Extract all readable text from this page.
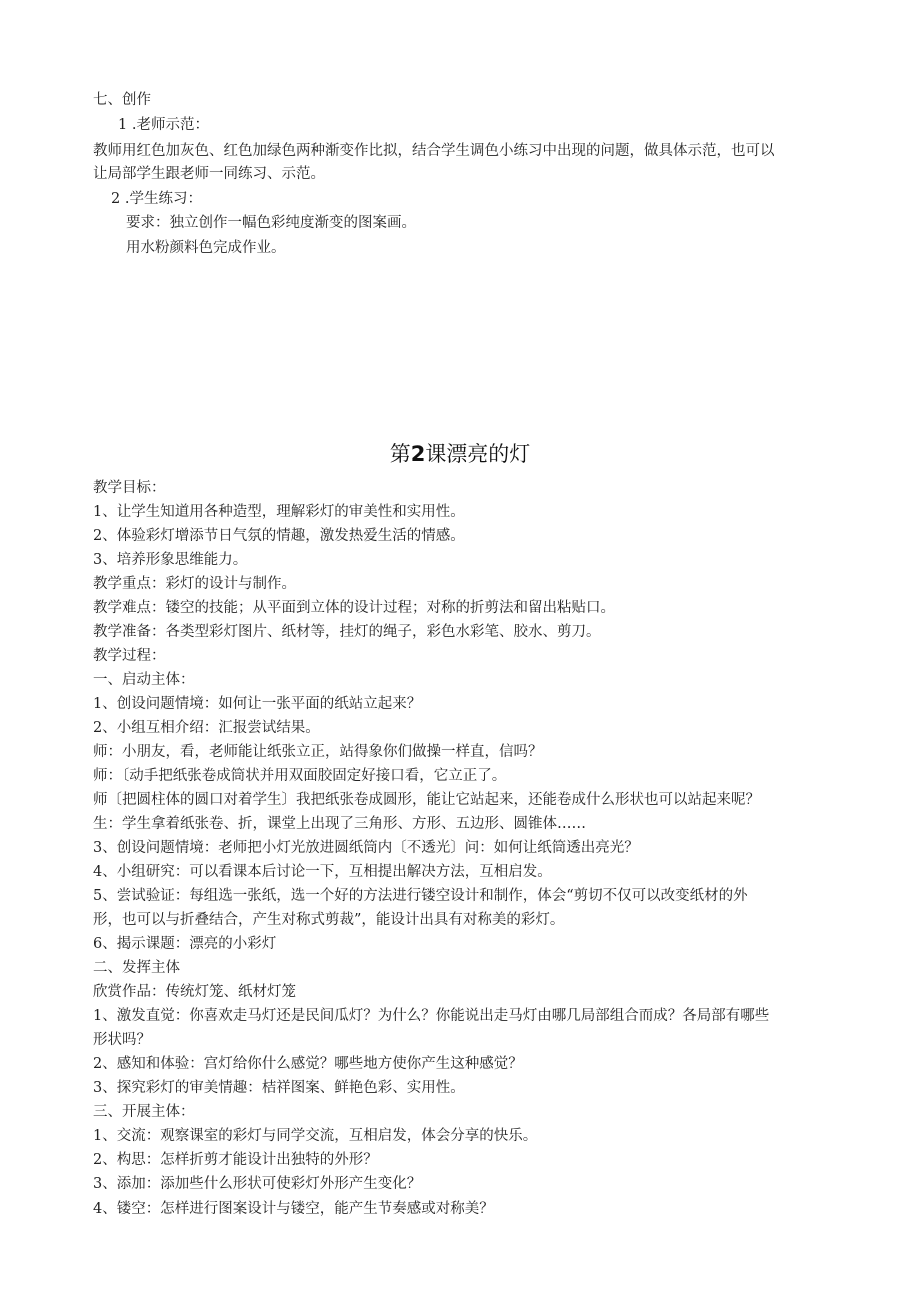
七、创作
1 .老师示范：
教师用红色加灰色、红色加绿色两种渐变作比拟，结合学生调色小练习中出现的问题，做具体示范，也可以
让局部学生跟老师一同练习、示范。
2 .学生练习：
要求：独立创作一幅色彩纯度渐变的图案画。
用水粉颜料色完成作业。
第2课漂亮的灯
教学目标：
1、让学生知道用各种造型，理解彩灯的审美性和实用性。
2、体验彩灯增添节日气氛的情趣，激发热爱生活的情感。
3、培养形象思维能力。
教学重点：彩灯的设计与制作。
教学难点：镂空的技能；从平面到立体的设计过程；对称的折剪法和留出粘贴口。
教学准备：各类型彩灯图片、纸材等，挂灯的绳子，彩色水彩笔、胶水、剪刀。
教学过程：
一、启动主体：
1、创设问题情境：如何让一张平面的纸站立起来？
2、小组互相介绍：汇报尝试结果。
师：小朋友，看，老师能让纸张立正，站得象你们做操一样直，信吗？
师：〔动手把纸张卷成筒状并用双面胶固定好接口看，它立正了。
师〔把圆柱体的圆口对着学生〕我把纸张卷成圆形，能让它站起来，还能卷成什么形状也可以站起来呢？
生：学生拿着纸张卷、折，课堂上出现了三角形、方形、五边形、圆锥体……
3、创设问题情境：老师把小灯光放进圆纸筒内〔不透光〕问：如何让纸筒透出亮光？
4、小组研究：可以看课本后讨论一下，互相提出解决方法，互相启发。
5、尝试验证：每组选一张纸，选一个好的方法进行镂空设计和制作，体会“剪切不仅可以改变纸材的外
形，也可以与折叠结合，产生对称式剪裁”，能设计出具有对称美的彩灯。
6、揭示课题：漂亮的小彩灯
二、发挥主体
欣赏作品：传统灯笼、纸材灯笼
1、激发直觉：你喜欢走马灯还是民间瓜灯？为什么？你能说出走马灯由哪几局部组合而成？各局部有哪些
形状吗？
2、感知和体验：宫灯给你什么感觉？哪些地方使你产生这种感觉？
3、探究彩灯的审美情趣：桔祥图案、鲜艳色彩、实用性。
三、开展主体：
1、交流：观察课室的彩灯与同学交流，互相启发，体会分享的快乐。
2、构思：怎样折剪才能设计出独特的外形？
3、添加：添加些什么形状可使彩灯外形产生变化？
4、镂空：怎样进行图案设计与镂空，能产生节奏感或对称美？
